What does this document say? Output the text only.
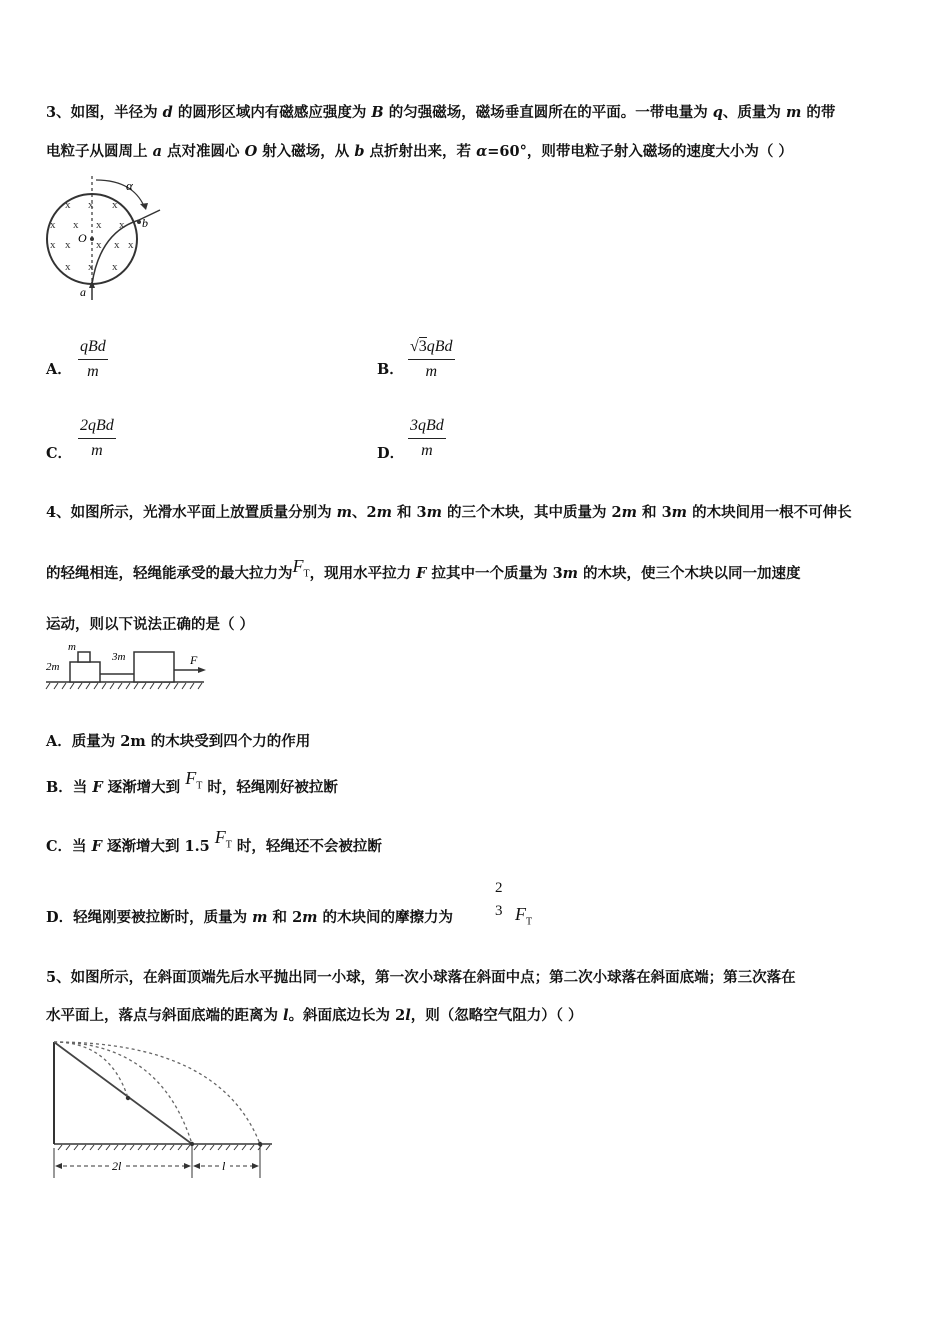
3、如图，半径为 d 的圆形区域内有磁感应强度为 B 的匀强磁场，磁场垂直圆所在的平面。一带电量为 q、质量为 m 的带
电粒子从圆周上 a 点对准圆心 O 射入磁场，从 b 点折射出来，若 α=60°，则带电粒子射入磁场的速度大小为（ ）
α
b
O
a
x x x
x x x x
x x x x x
x x x
A．
qBd
m	B．
√3qBd
m
C．
2qBd
m	D．
3qBd
m
4、如图所示，光滑水平面上放置质量分别为 m、2m 和 3m 的三个木块，其中质量为 2m 和 3m 的木块间用一根不可伸长
的轻绳相连，轻绳能承受的最大拉力为$F_T$，现用水平拉力 F 拉其中一个质量为 3m 的木块，使三个木块以同一加速度
运动，则以下说法正确的是（ ）
m
2m
3m	F
A．质量为 2m 的木块受到四个力的作用
B．当 F 逐渐增大到 $F_T$ 时，轻绳刚好被拉断
C．当 F 逐渐增大到 1.5 $F_T$ 时，轻绳还不会被拉断
D．轻绳刚要被拉断时，质量为 m 和 2m 的木块间的摩擦力为
2
3 $F_T$
5、如图所示，在斜面顶端先后水平抛出同一小球，第一次小球落在斜面中点；第二次小球落在斜面底端；第三次落在
水平面上，落点与斜面底端的距离为 l。斜面底边长为 2l，则（忽略空气阻力）（ ）
2l	l
